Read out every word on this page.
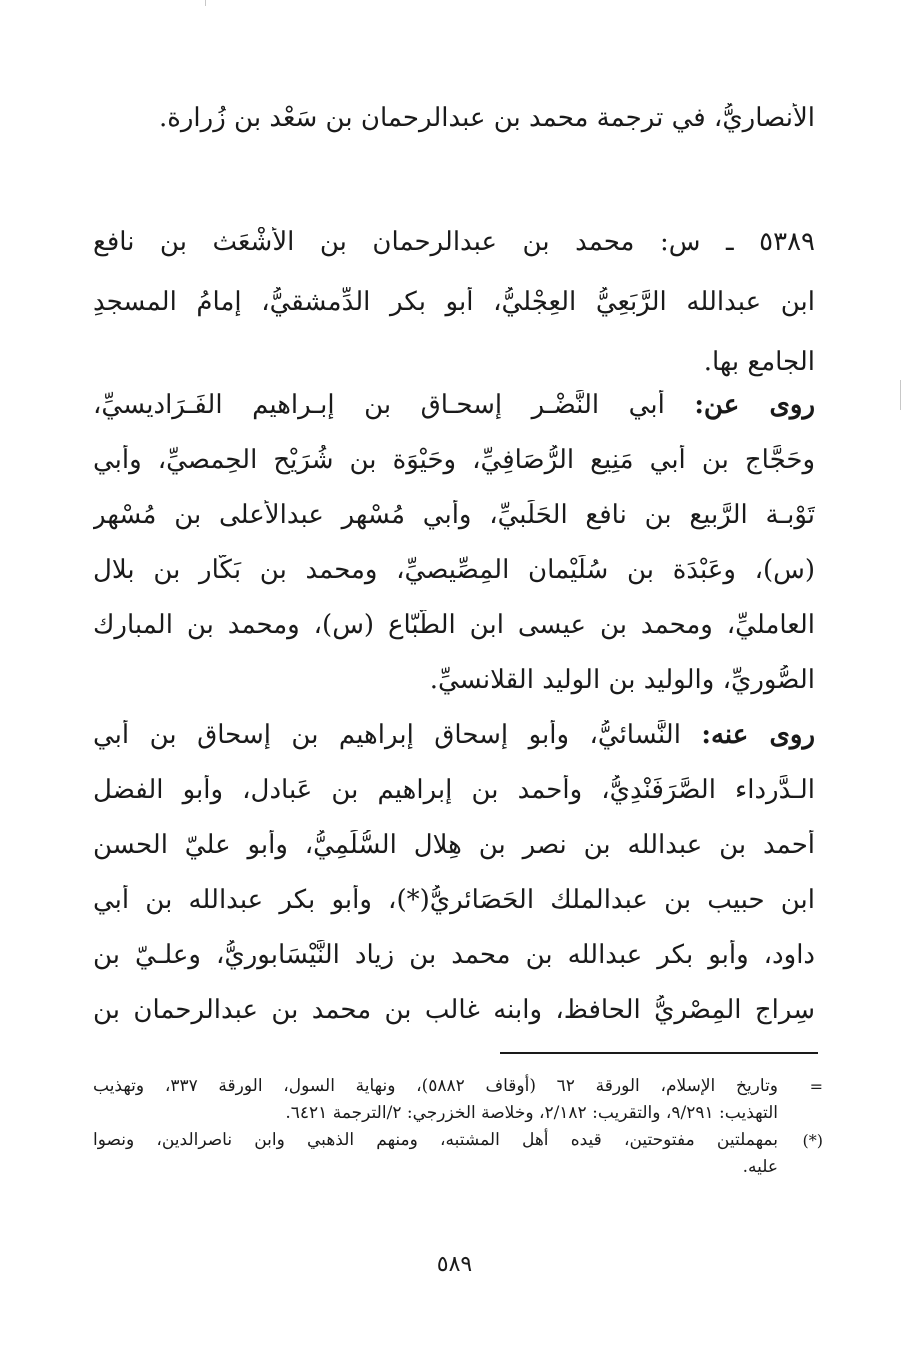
الأَنصاريُّ، في ترجمة محمد بن عبدالرحمان بن سَعْد بن زُرارة.
٥٣٨٩ ـ س: محمد بن عبدالرحمان بن الأَشْعَث بن نافع
ابن عبدالله الرَّبَعِيُّ العِجْليُّ، أبو بكر الدِّمشقيُّ، إمامُ المسجدِ
الجامع بها.
روى عن: أبي النَّضْـر إسحـاق بن إبـراهيم الفَـرَاديسيِّ،
وحَجَّاج بن أبي مَنِيع الرُّصَافِيِّ، وحَيْوَة بن شُرَيْح الحِمصيِّ، وأبي
تَوْبـة الرَّبيع بن نافع الحَلَبيِّ، وأبي مُسْهِر عبدالأَعلى بن مُسْهِر
(س)، وعَبْدَة بن سُلَيْمان المِصِّيصيِّ، ومحمد بن بَكّار بن بلال
العامليِّ، ومحمد بن عيسى ابن الطَّبّاع (س)، ومحمد بن المبارك
الصُّوريِّ، والوليد بن الوليد القلانسيِّ.
روى عنه: النَّسائيُّ، وأبو إسحاق إبراهيم بن إسحاق بن أبي
الـدَّرداء الصَّرَفَنْدِيُّ، وأحمد بن إبراهيم بن عَبادل، وأبو الفضل
أحمد بن عبدالله بن نصر بن هِلال السُّلَمِيُّ، وأبو عليّ الحسن
ابن حبيب بن عبدالملك الحَصَائريُّ(*)، وأبو بكر عبدالله بن أبي
داود، وأبو بكر عبدالله بن محمد بن زياد النَّيْسَابوريُّ، وعلـيّ بن
سِراج المِصْريُّ الحافظ، وابنه غالب بن محمد بن عبدالرحمان بن
=
وتاريخ الإسلام، الورقة ٦٢ (أوقاف ٥٨٨٢)، ونهاية السول، الورقة ٣٣٧، وتهذيب
التهذيب: ٩/٢٩١، والتقريب: ٢/١٨٢، وخلاصة الخزرجي: ٢/الترجمة ٦٤٢١.
(*)
بمهملتين مفتوحتين، قيده أهل المشتبه، ومنهم الذهبي وابن ناصرالدين، ونصوا
عليه.
٥٨٩
